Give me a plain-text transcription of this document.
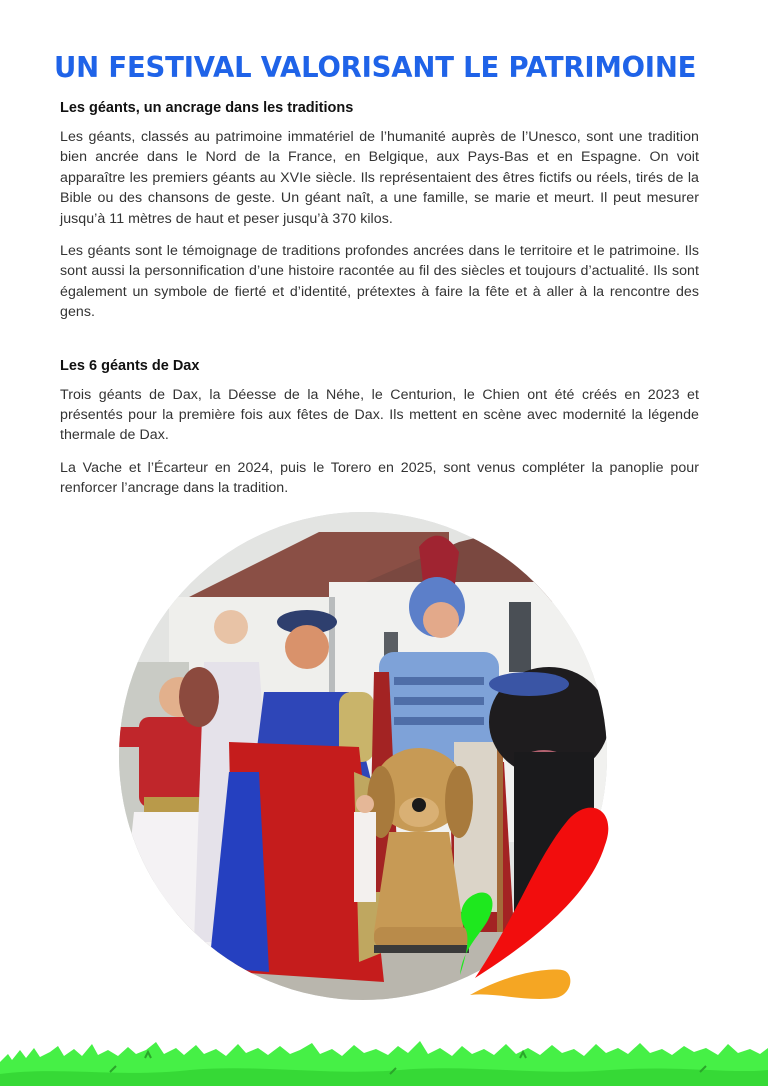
UN FESTIVAL VALORISANT LE PATRIMOINE
Les géants, un ancrage dans les traditions

Les géants, classés au patrimoine immatériel de l’humanité auprès de l’Unesco, sont une tradition bien ancrée dans le Nord de la France, en Belgique, aux Pays-Bas et en Espagne. On voit apparaître les premiers géants au XVIe siècle. Ils représentaient des êtres fictifs ou réels, tirés de la Bible ou des chansons de geste. Un géant naît, a une famille, se marie et meurt. Il peut mesurer jusqu’à 11 mètres de haut et peser jusqu’à 370 kilos.

Les géants sont le témoignage de traditions profondes ancrées dans le territoire et le patrimoine. Ils sont aussi la personnification d’une histoire racontée au fil des siècles et toujours d’actualité. Ils sont également un symbole de fierté et d’identité, prétextes à faire la fête et à aller à la rencontre des gens.

Les 6 géants de Dax

Trois géants de Dax, la Déesse de la Néhe, le Centurion, le Chien ont été créés en 2023 et présentés pour la première fois aux fêtes de Dax. Ils mettent en scène avec modernité la légende thermale de Dax.

La Vache et l’Écarteur en 2024, puis le Torero en 2025, sont venus compléter la panoplie pour renforcer l’ancrage dans la tradition.
